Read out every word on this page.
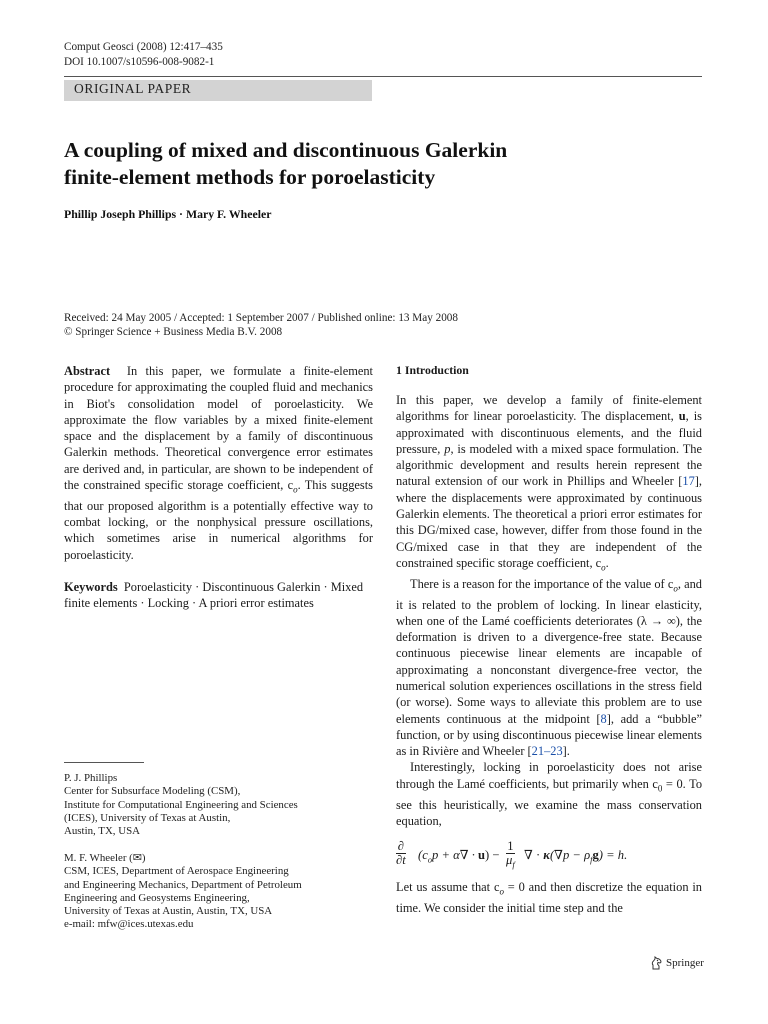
Comput Geosci (2008) 12:417–435
DOI 10.1007/s10596-008-9082-1
ORIGINAL PAPER
A coupling of mixed and discontinuous Galerkin
finite-element methods for poroelasticity
Phillip Joseph Phillips · Mary F. Wheeler
Received: 24 May 2005 / Accepted: 1 September 2007 / Published online: 13 May 2008
© Springer Science + Business Media B.V. 2008

Abstract In this paper, we formulate a finite-element procedure for approximating the coupled fluid and mechanics in Biot's consolidation model of poroelasticity. We approximate the flow variables by a mixed finite-element space and the displacement by a family of discontinuous Galerkin methods. Theoretical convergence error estimates are derived and, in particular, are shown to be independent of the constrained specific storage coefficient, $c_o$. This suggests that our proposed algorithm is a potentially effective way to combat locking, or the nonphysical pressure oscillations, which sometimes arise in numerical algorithms for poroelasticity.

Keywords Poroelasticity · Discontinuous Galerkin · Mixed finite elements · Locking · A priori error estimates

P. J. Phillips
Center for Subsurface Modeling (CSM),
Institute for Computational Engineering and Sciences
(ICES), University of Texas at Austin,
Austin, TX, USA
M. F. Wheeler (✉)
CSM, ICES, Department of Aerospace Engineering
and Engineering Mechanics, Department of Petroleum
Engineering and Geosystems Engineering,
University of Texas at Austin, Austin, TX, USA
e-mail: mfw@ices.utexas.edu
1 Introduction

In this paper, we develop a family of finite-element algorithms for linear poroelasticity. The displacement, u, is approximated with discontinuous elements, and the fluid pressure, p, is modeled with a mixed space formulation. The algorithmic development and results herein represent the natural extension of our work in Phillips and Wheeler [17], where the displacements were approximated by continuous Galerkin elements. The theoretical a priori error estimates for this DG/mixed case, however, differ from those found in the CG/mixed case in that they are independent of the constrained specific storage coefficient, $c_o$.

There is a reason for the importance of the value of $c_o$, and it is related to the problem of locking. In linear elasticity, when one of the Lamé coefficients deteriorates (λ → ∞), the deformation is driven to a divergence-free state. Because continuous piecewise linear elements are incapable of approximating a nonconstant divergence-free vector, the numerical solution experiences oscillations in the stress field (or worse). Some ways to alleviate this problem are to use elements continuous at the midpoint [8], add a “bubble” function, or by using discontinuous piecewise linear elements as in Rivière and Wheeler [21–23].

Interestingly, locking in poroelasticity does not arise through the Lamé coefficients, but primarily when $c_0 = 0$. To see this heuristically, we examine the mass conservation equation,

∂
∂t $(c_op + \alpha\nabla \cdot u) - \frac{1}{\mu_f}$ ∇ · $\kappa(\nabla p - \rho_fg) = h$.

Let us assume that $c_o = 0$ and then discretize the equation in time. We consider the initial time step and the

Springer
